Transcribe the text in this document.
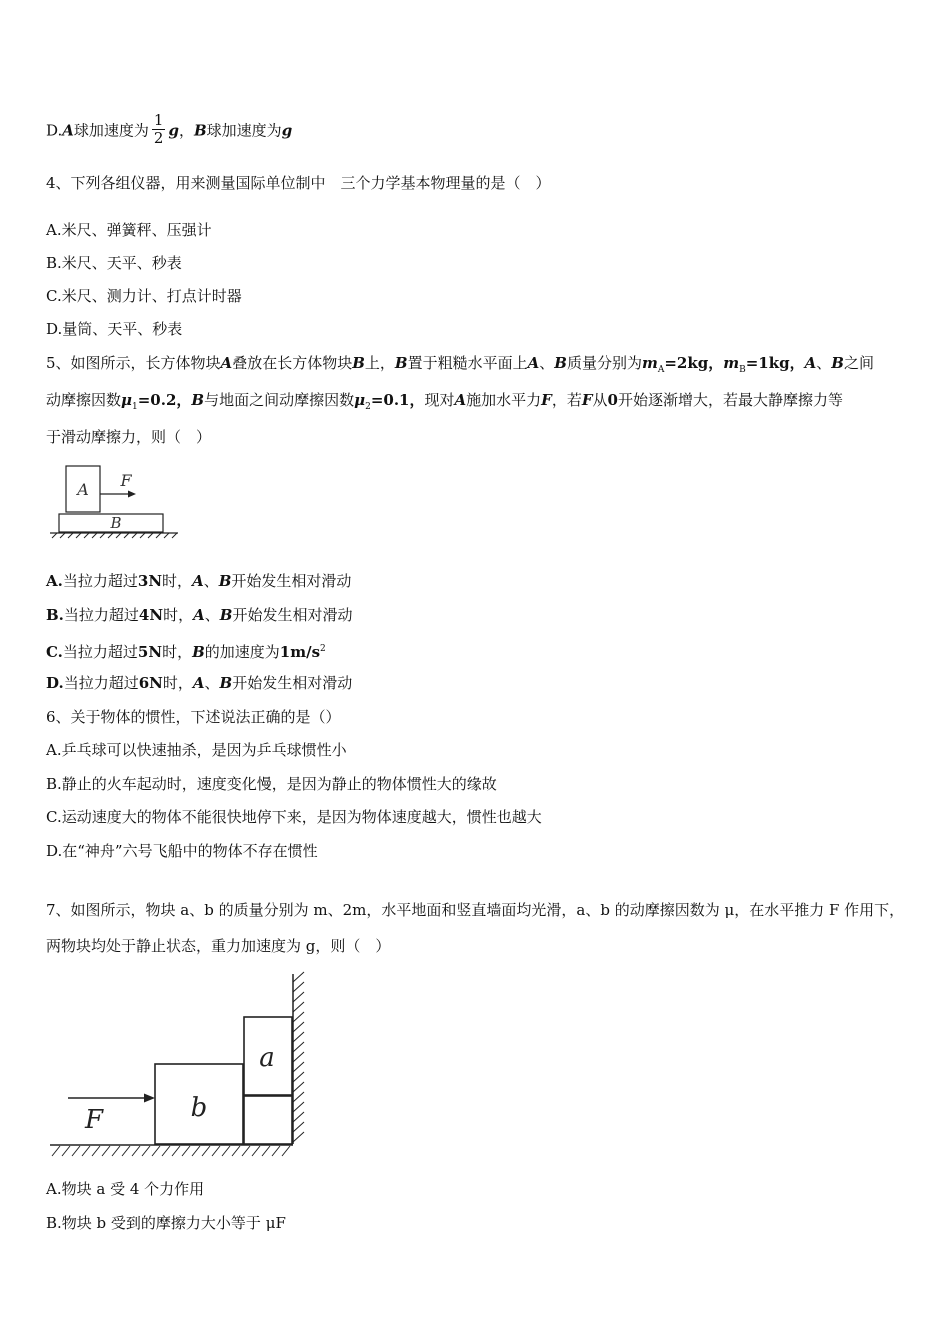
D.A球加速度为 $\frac{1}{2}$ g，B球加速度为g
4、下列各组仪器，用来测量国际单位制中　三个力学基本物理量的是（　）
A.米尺、弹簧秤、压强计
B.米尺、天平、秒表
C.米尺、测力计、打点计时器
D.量筒、天平、秒表
5、如图所示，长方体物块A叠放在长方体物块B上，B置于粗糙水平面上A、B质量分别为$m_A=2kg$，$m_B=1kg$，A、B之间
动摩擦因数$\mu_1=0.2$，B与地面之间动摩擦因数$\mu_2=0.1$，现对A施加水平力F，若F从0开始逐渐增大，若最大静摩擦力等
于滑动摩擦力，则（　）
A F
B
A.当拉力超过3N时，A、B开始发生相对滑动
B.当拉力超过4N时，A、B开始发生相对滑动
C.当拉力超过5N时，B的加速度为$1m/s^2$
D.当拉力超过6N时，A、B开始发生相对滑动
6、关于物体的惯性，下述说法正确的是（）
A.乒乓球可以快速抽杀，是因为乒乓球惯性小
B.静止的火车起动时，速度变化慢，是因为静止的物体惯性大的缘故
C.运动速度大的物体不能很快地停下来，是因为物体速度越大，惯性也越大
D.在“神舟”六号飞船中的物体不存在惯性
7、如图所示，物块 a、b 的质量分别为 m、2m，水平地面和竖直墙面均光滑，a、b 的动摩擦因数为 μ，在水平推力 F 作用下，
两物块均处于静止状态，重力加速度为 g，则（　）
b
a
F
A.物块 a 受 4 个力作用
B.物块 b 受到的摩擦力大小等于 μF
